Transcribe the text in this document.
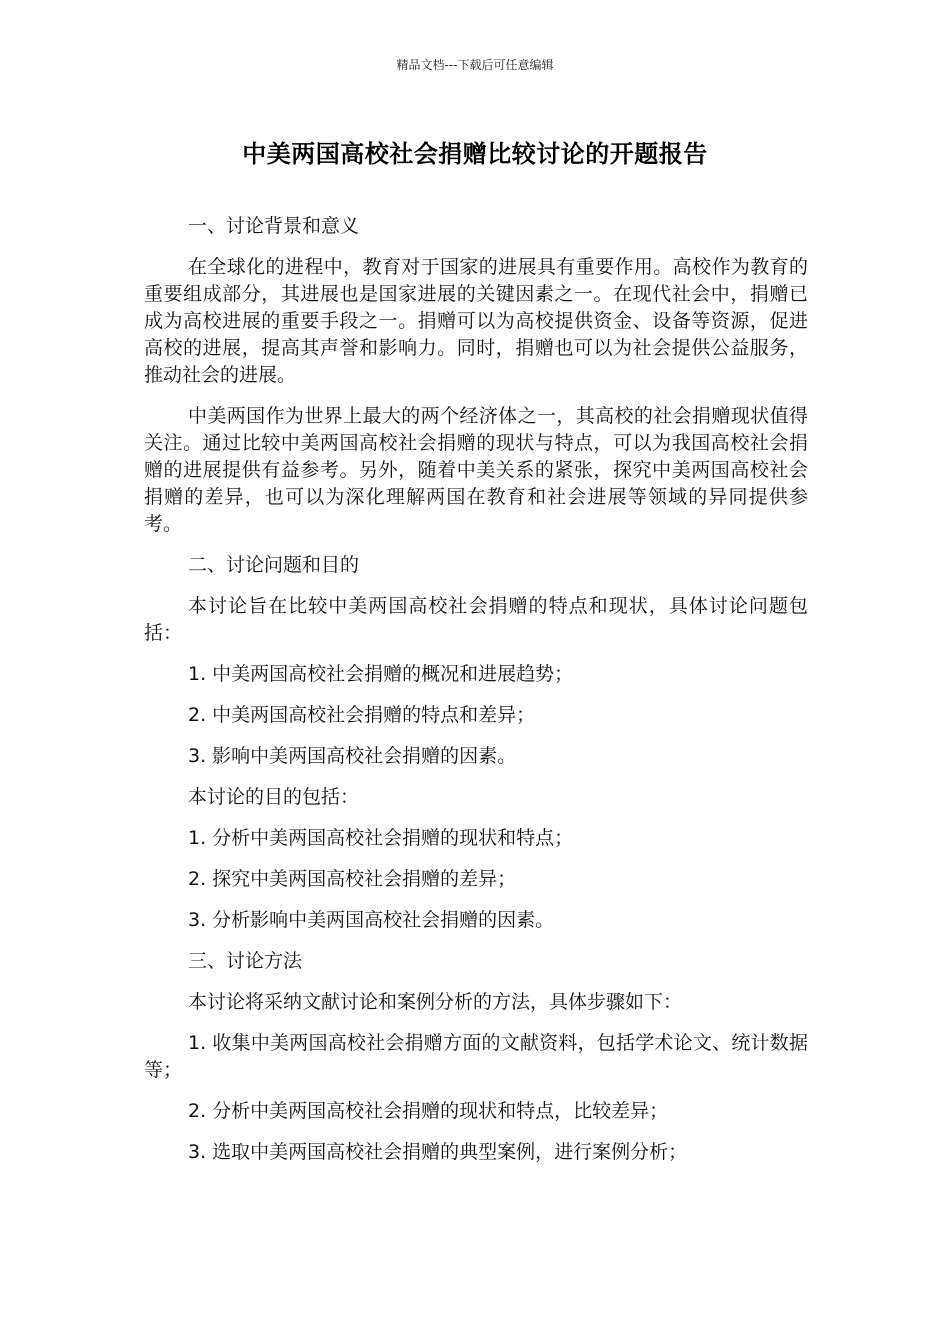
精品文档---下载后可任意编辑
中美两国高校社会捐赠比较讨论的开题报告

一、讨论背景和意义

在全球化的进程中，教育对于国家的进展具有重要作用。高校作为教育的重要组成部分，其进展也是国家进展的关键因素之一。在现代社会中，捐赠已成为高校进展的重要手段之一。捐赠可以为高校提供资金、设备等资源，促进高校的进展，提高其声誉和影响力。同时，捐赠也可以为社会提供公益服务，推动社会的进展。

中美两国作为世界上最大的两个经济体之一，其高校的社会捐赠现状值得关注。通过比较中美两国高校社会捐赠的现状与特点，可以为我国高校社会捐赠的进展提供有益参考。另外，随着中美关系的紧张，探究中美两国高校社会捐赠的差异，也可以为深化理解两国在教育和社会进展等领域的异同提供参考。

二、讨论问题和目的

本讨论旨在比较中美两国高校社会捐赠的特点和现状，具体讨论问题包括：

1. 中美两国高校社会捐赠的概况和进展趋势；

2. 中美两国高校社会捐赠的特点和差异；

3. 影响中美两国高校社会捐赠的因素。

本讨论的目的包括：

1. 分析中美两国高校社会捐赠的现状和特点；

2. 探究中美两国高校社会捐赠的差异；

3. 分析影响中美两国高校社会捐赠的因素。

三、讨论方法

本讨论将采纳文献讨论和案例分析的方法，具体步骤如下：

1. 收集中美两国高校社会捐赠方面的文献资料，包括学术论文、统计数据等；

2. 分析中美两国高校社会捐赠的现状和特点，比较差异；

3. 选取中美两国高校社会捐赠的典型案例，进行案例分析；
